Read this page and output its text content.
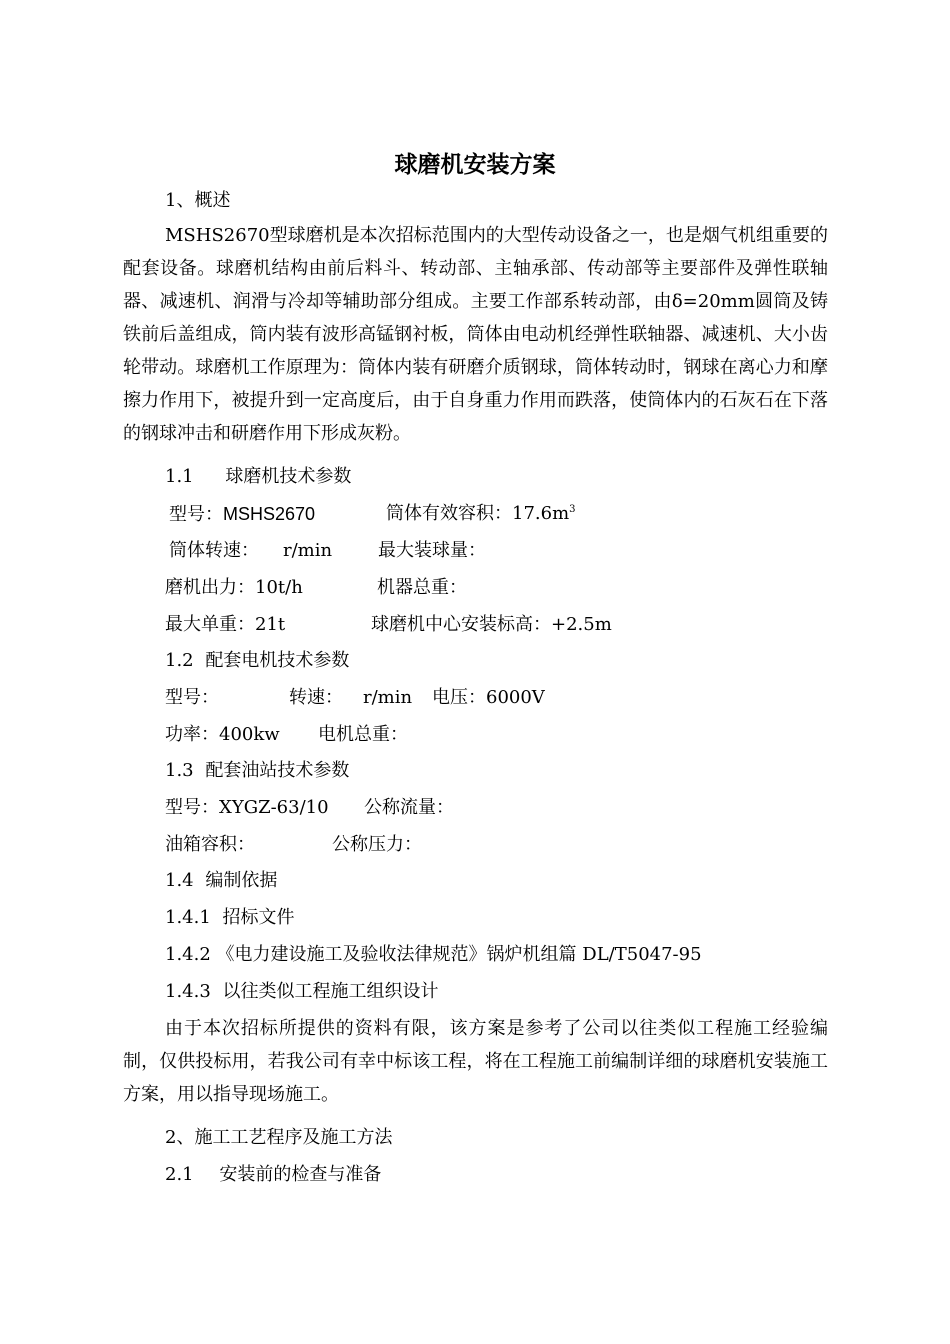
球磨机安装方案
1、概述
MSHS2670型球磨机是本次招标范围内的大型传动设备之一，也是烟气机组重要的配套设备。球磨机结构由前后料斗、转动部、主轴承部、传动部等主要部件及弹性联轴器、减速机、润滑与冷却等辅助部分组成。主要工作部系转动部，由δ=20mm圆筒及铸铁前后盖组成，筒内装有波形高锰钢衬板，筒体由电动机经弹性联轴器、减速机、大小齿轮带动。球磨机工作原理为：筒体内装有研磨介质钢球，筒体转动时，钢球在离心力和摩擦力作用下，被提升到一定高度后，由于自身重力作用而跌落，使筒体内的石灰石在下落的钢球冲击和研磨作用下形成灰粉。
1.1 球磨机技术参数
型号：MSHS2670	筒体有效容积：$17.6m^3$
筒体转速： r/min	最大装球量：
磨机出力：10t/h	机器总重：
最大单重：21t	球磨机中心安装标高：+2.5m
1.2 配套电机技术参数
型号：	转速： r/min 电压：6000V
功率：400kw 电机总重：
1.3 配套油站技术参数
型号：XYGZ-63/10 公称流量：
油箱容积：	公称压力：
1.4 编制依据
1.4.1 招标文件
1.4.2 《电力建设施工及验收法律规范》锅炉机组篇 DL/T5047-95
1.4.3 以往类似工程施工组织设计
由于本次招标所提供的资料有限，该方案是参考了公司以往类似工程施工经验编制，仅供投标用，若我公司有幸中标该工程，将在工程施工前编制详细的球磨机安装施工方案，用以指导现场施工。
2、施工工艺程序及施工方法
2.1 安装前的检查与准备
